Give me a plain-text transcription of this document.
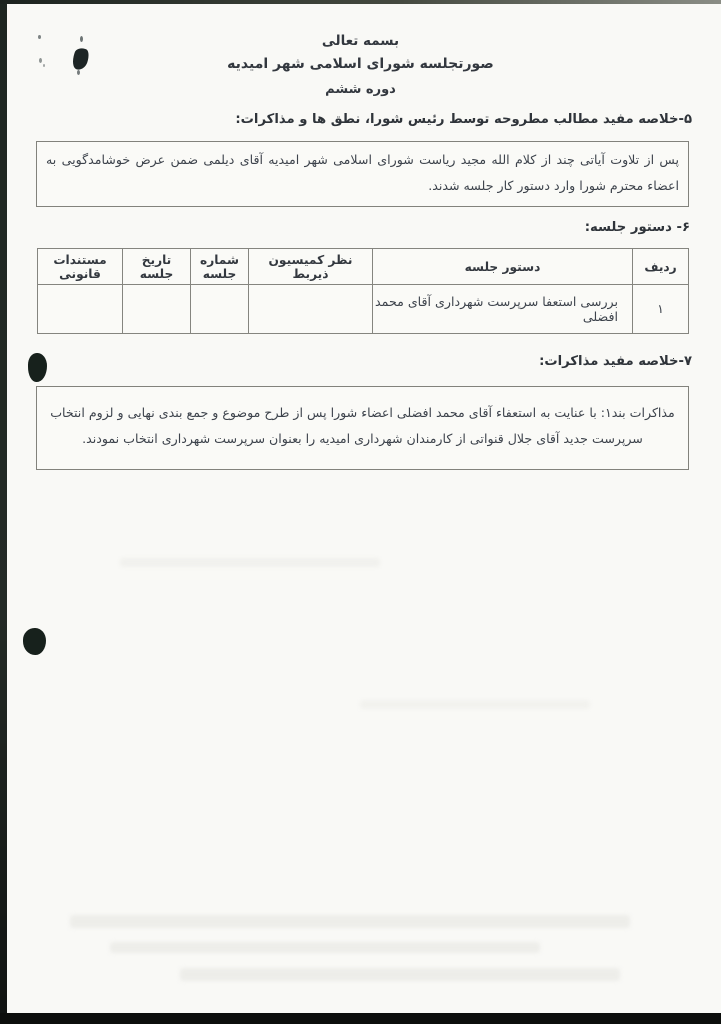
بسمه تعالی
صورتجلسه شورای اسلامی شهر امیدیه
دوره ششم
۵-خلاصه مفید مطالب مطروحه توسط رئیس شورا، نطق ها و مذاکرات:

پس از تلاوت آیاتی چند از کلام الله مجید ریاست شورای اسلامی شهر امیدیه آقای دیلمی ضمن عرض خوشامدگویی به اعضاء محترم شورا وارد دستور کار جلسه شدند.

۶- دستور جلسه:
ردیف	دستور جلسه	نظر کمیسیون ذیربط	شماره جلسه	تاریخ جلسه	مستندات قانونی
۱	بررسی استعفا سرپرست شهرداری آقای محمد افضلی				
۷-خلاصه مفید مذاکرات:

مذاکرات بند۱: با عنایت به استعفاء آقای محمد افضلی اعضاء شورا پس از طرح موضوع و جمع بندی نهایی و لزوم انتخاب سرپرست جدید آقای جلال قنواتی از کارمندان شهرداری امیدیه را بعنوان سرپرست شهرداری انتخاب نمودند.
